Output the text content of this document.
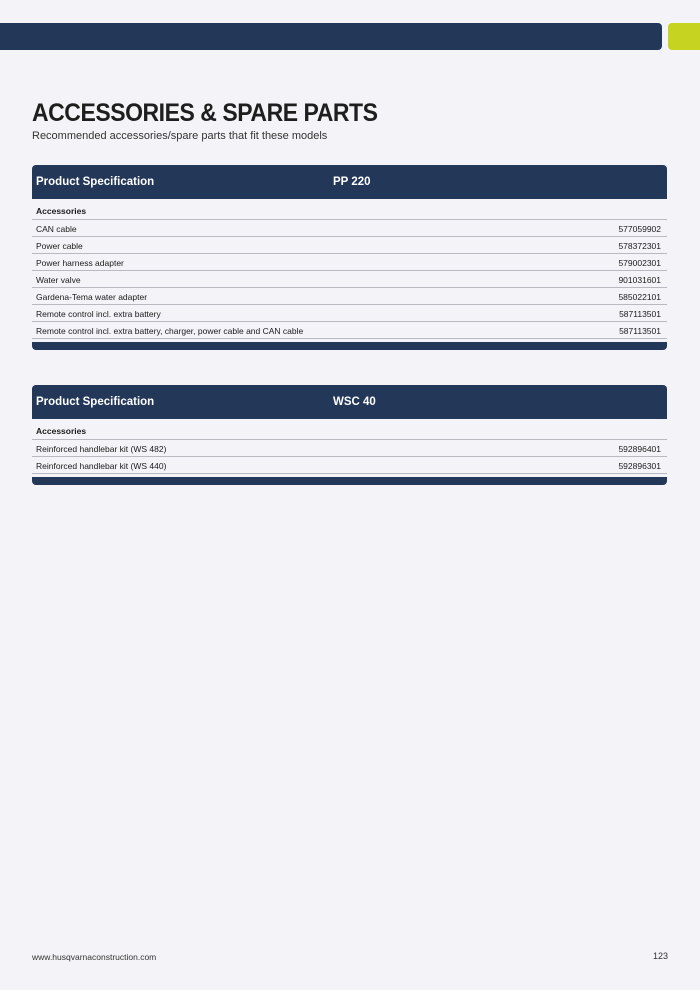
ACCESSORIES & SPARE PARTS

Recommended accessories/spare parts that fit these models

Product Specification	PP 220
Accessories
CAN cable	577059902
Power cable	578372301
Power harness adapter	579002301
Water valve	901031601
Gardena-Tema water adapter	585022101
Remote control incl. extra battery	587113501
Remote control incl. extra battery, charger, power cable and CAN cable	587113501
Product Specification	WSC 40
Accessories
Reinforced handlebar kit (WS 482)	592896401
Reinforced handlebar kit (WS 440)	592896301
www.husqvarnaconstruction.com	123
